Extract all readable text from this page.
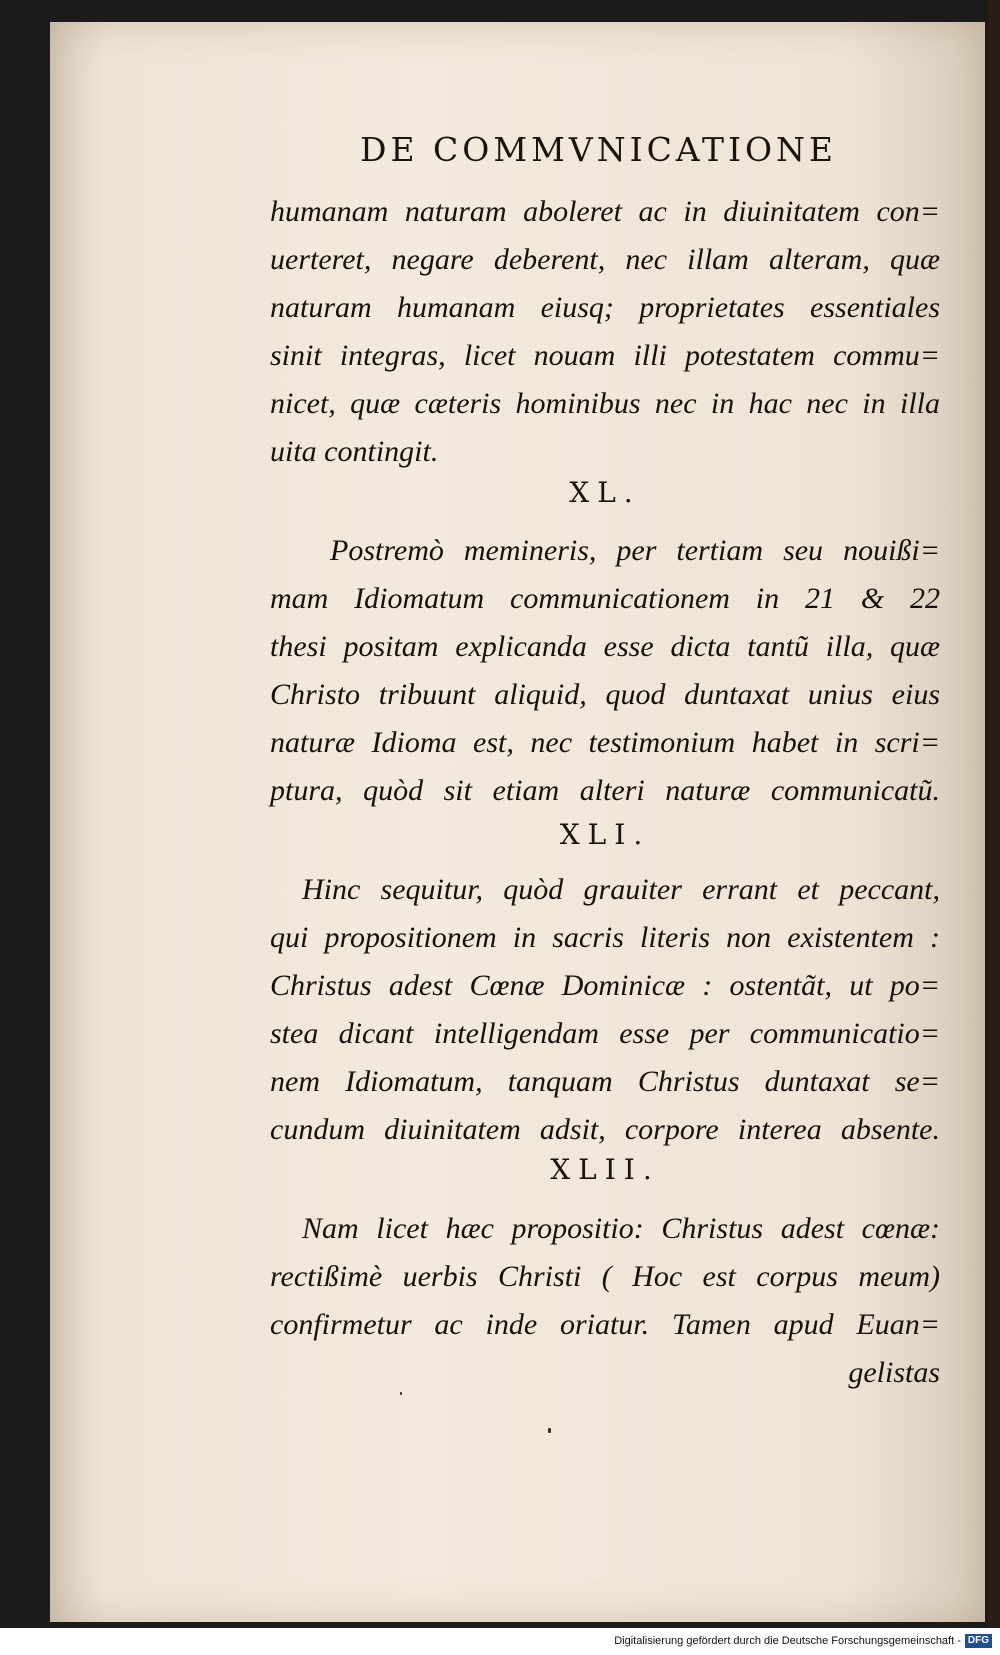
DE COMMVNICATIONE
humanam naturam aboleret ac in diuinitatem con=
uerteret, negare deberent, nec illam alteram, quæ
naturam humanam eiusq; proprietates essentiales
sinit integras, licet nouam illi potestatem commu=
nicet, quæ cæteris hominibus nec in hac nec in illa
uita contingit.
XL.
Postremò memineris, per tertiam seu nouißi=
mam Idiomatum communicationem in 21 & 22
thesi positam explicanda esse dicta tantũ illa, quæ
Christo tribuunt aliquid, quod duntaxat unius eius
naturæ Idioma est, nec testimonium habet in scri=
ptura, quòd sit etiam alteri naturæ communicatũ.
XLI.
Hinc sequitur, quòd grauiter errant et peccant,
qui propositionem in sacris literis non existentem :
Christus adest Cœnæ Dominicæ : ostentãt, ut po=
stea dicant intelligendam esse per communicatio=
nem Idiomatum, tanquam Christus duntaxat se=
cundum diuinitatem adsit, corpore interea absente.
XLII.
Nam licet hæc propositio: Christus adest cœnæ:
rectißimè uerbis Christi ( Hoc est corpus meum)
confirmetur ac inde oriatur. Tamen apud Euan=
gelistas
Digitalisierung gefördert durch die Deutsche Forschungsgemeinschaft - DFG
